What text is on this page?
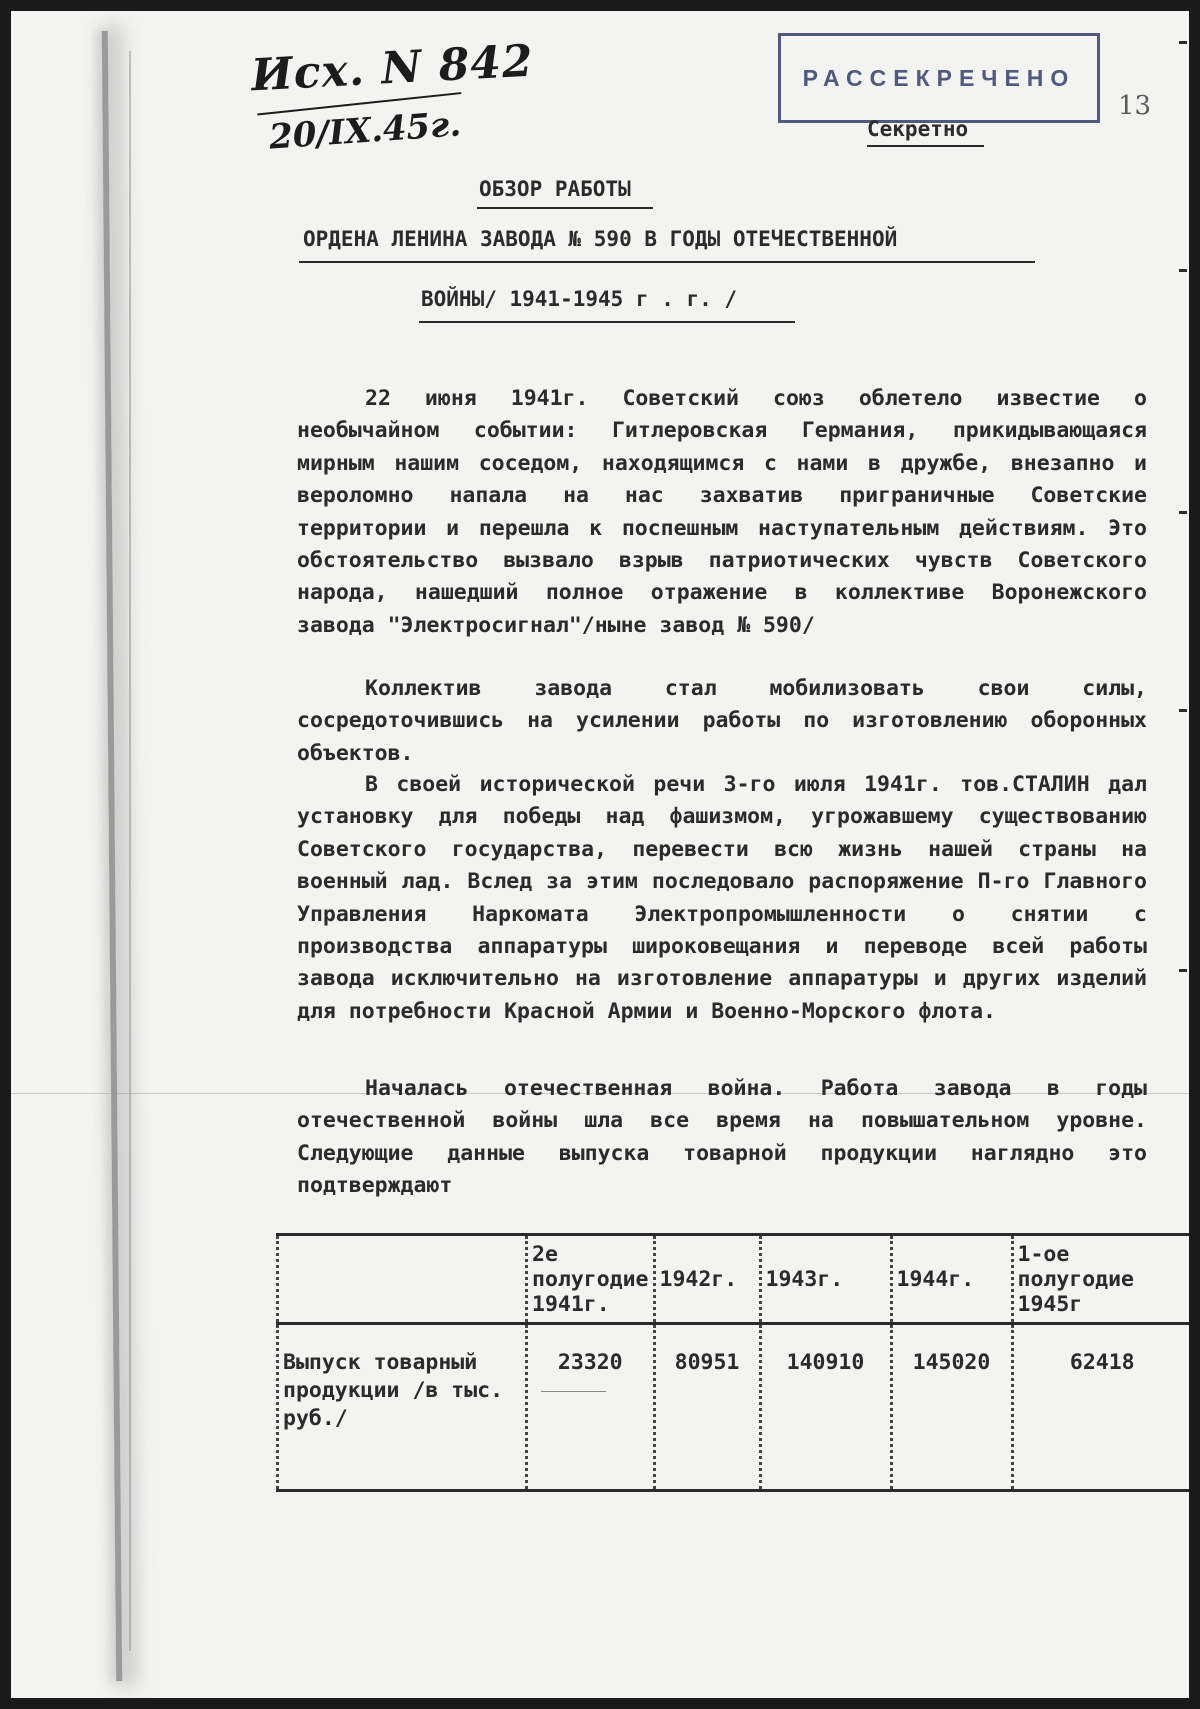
Исх. N 842
20/IX.45г.
РАССЕКРЕЧЕНО
13
Секретно
ОБЗОР РАБОТЫ
ОРДЕНА ЛЕНИНА ЗАВОДА № 590 В ГОДЫ ОТЕЧЕСТВЕННОЙ
ВОЙНЫ/ 1941-1945 г . г. /

22 июня 1941г. Советский союз облетело известие о необычайном событии: Гитлеровская Германия, прикидывающаяся мирным нашим соседом, находящимся с нами в дружбе, внезапно и вероломно напала на нас захватив приграничные Советские территории и перешла к поспешным наступательным действиям. Это обстоятельство вызвало взрыв патриотических чувств Советского народа, нашедший полное отражение в коллективе Воронежского завода "Электросигнал"/ныне завод № 590/

Коллектив завода стал мобилизовать свои силы, сосредоточившись на усилении работы по изготовлению оборонных объектов.

В своей исторической речи 3-го июля 1941г. тов.СТАЛИН дал установку для победы над фашизмом, угрожавшему существованию Советского государства, перевести всю жизнь нашей страны на военный лад. Вслед за этим последовало распоряжение П-го Главного Управления Наркомата Электропромышленности о снятии с производства аппаратуры широковещания и переводе всей работы завода исключительно на изготовление аппаратуры и других изделий для потребности Красной Армии и Военно-Морского флота.

Началась отечественная война. Работа завода в годы отечественной войны шла все время на повышательном уровне. Следующие данные выпуска товарной продукции наглядно это подтверждают

	2е полугодие 1941г.	1942г.	1943г.	1944г.	1-ое полугодие 1945г
Выпуск товарный продукции /в тыс. руб./	23320	80951	140910	145020	62418
